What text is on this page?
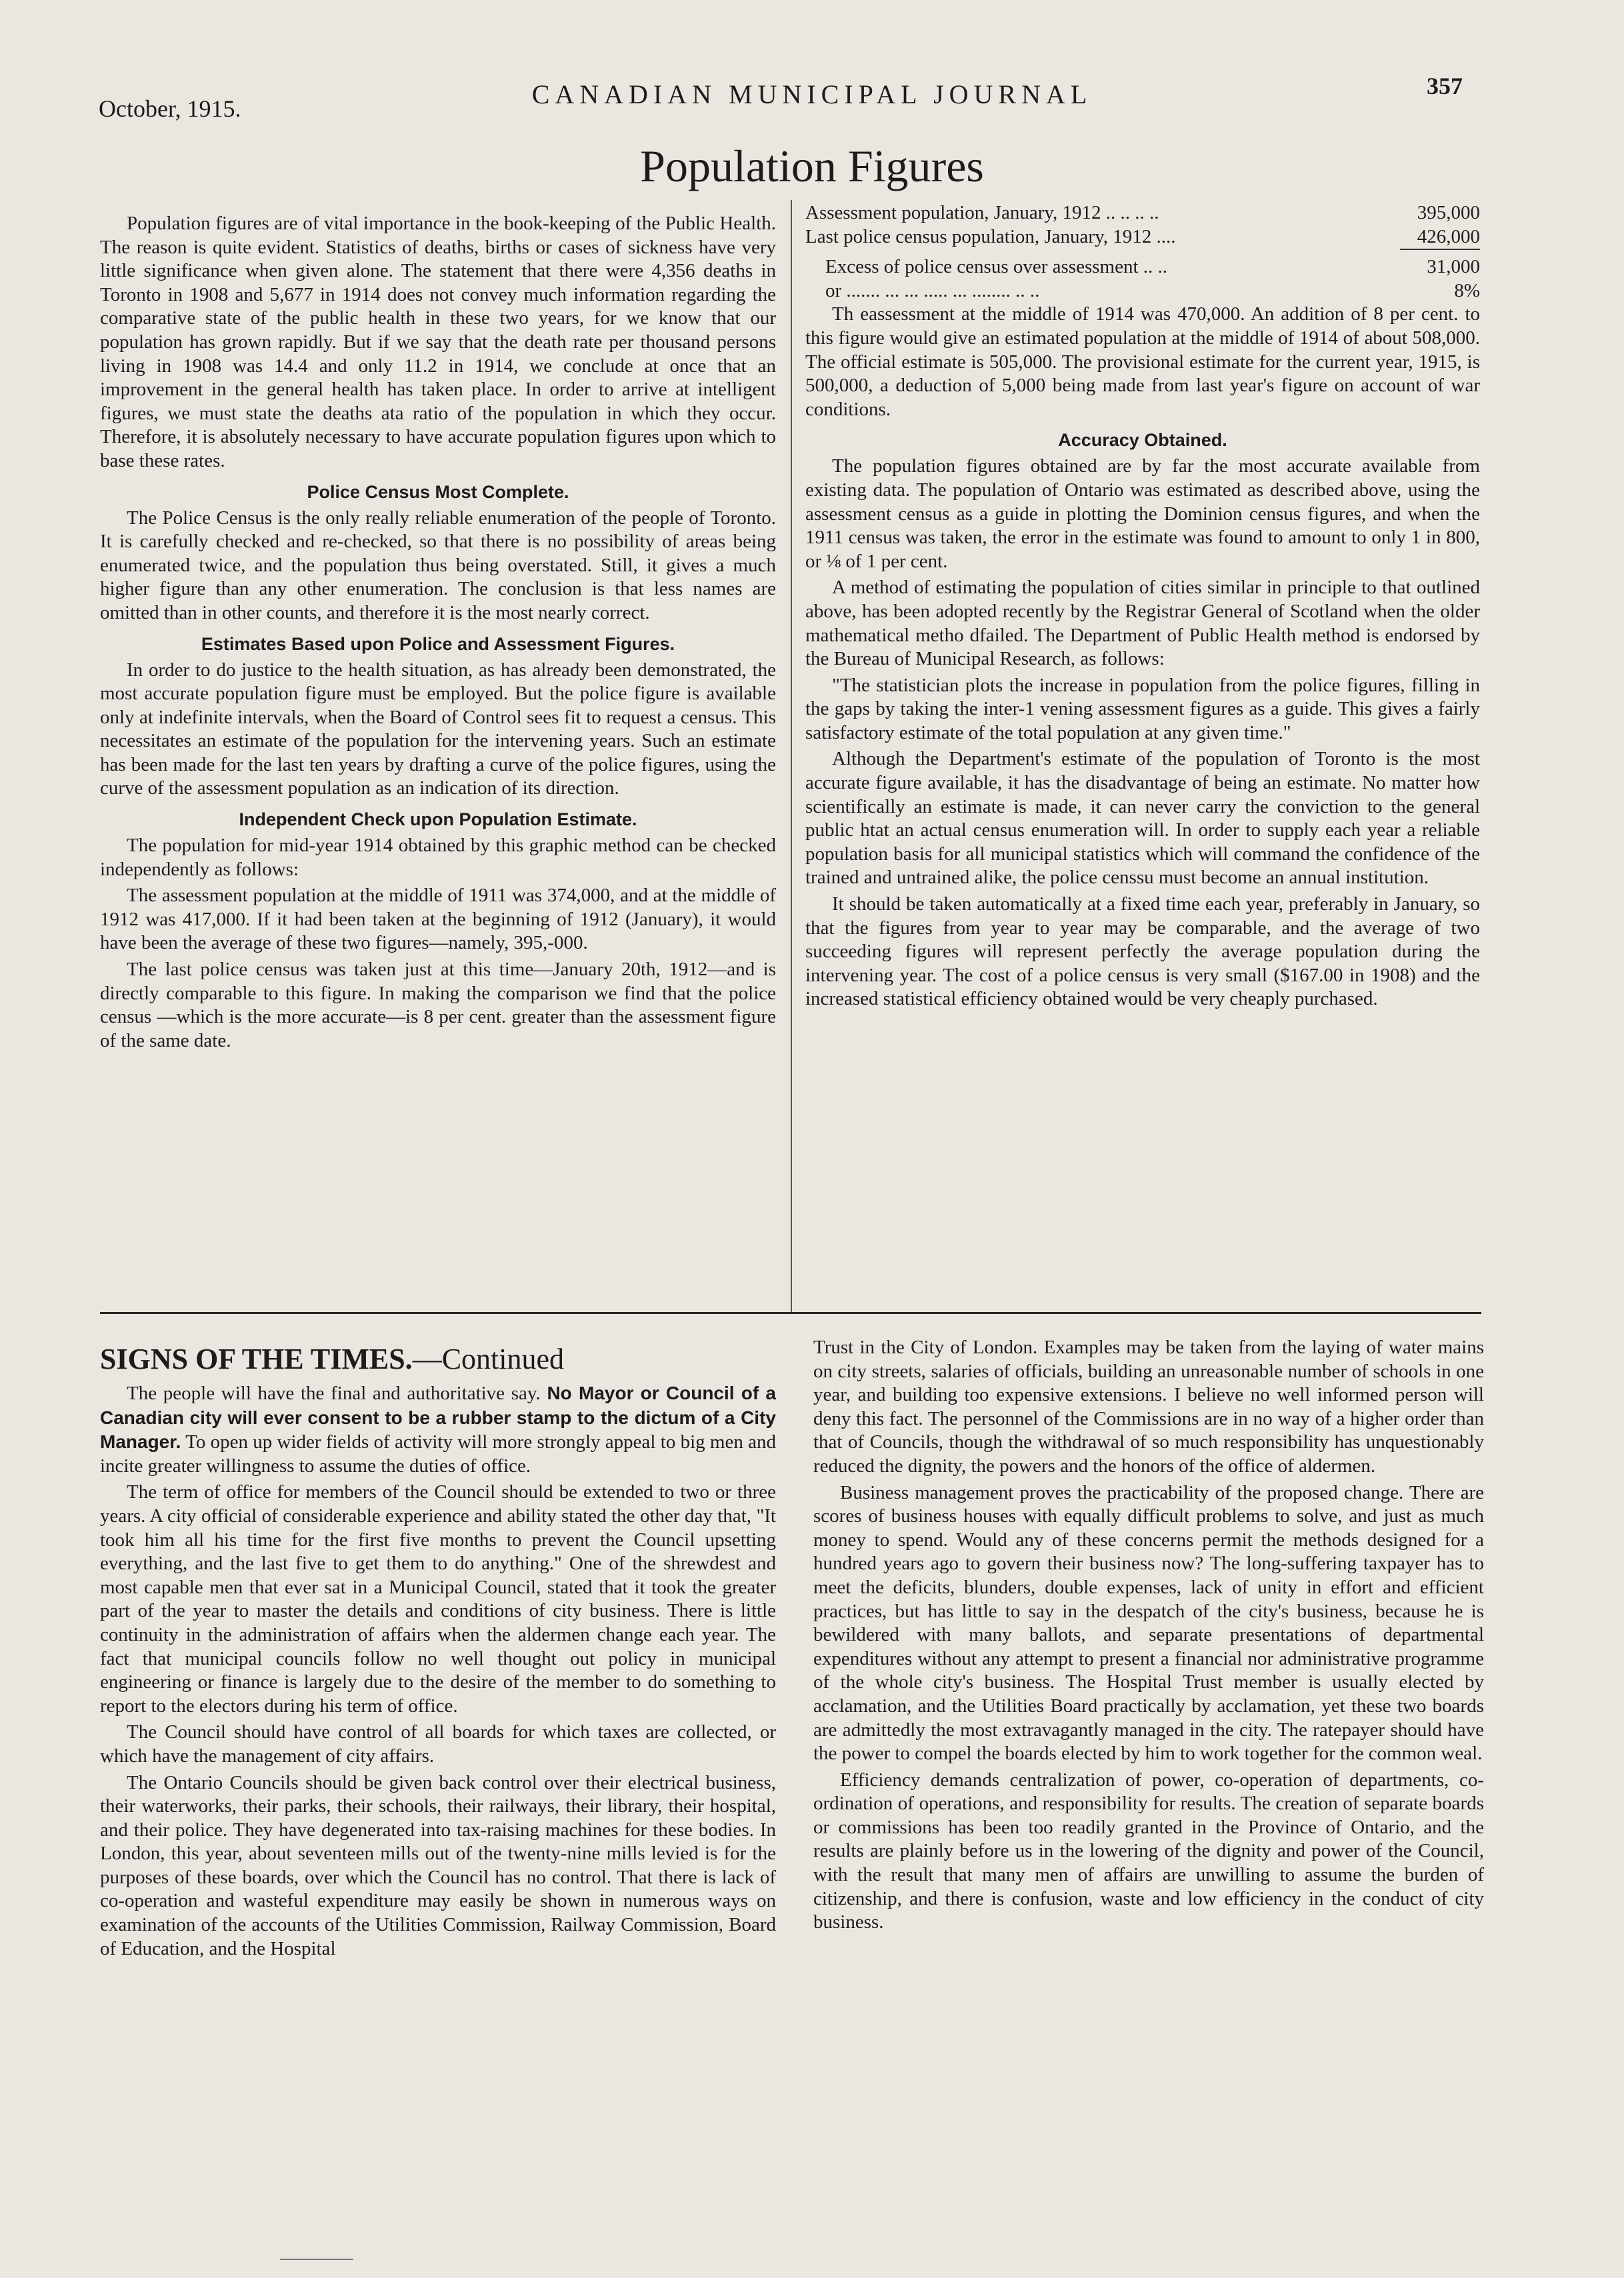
October, 1915.	CANADIAN MUNICIPAL JOURNAL	357
Population Figures

Population figures are of vital importance in the book-keeping of the Public Health. The reason is quite evident. Statistics of deaths, births or cases of sickness have very little significance when given alone. The statement that there were 4,356 deaths in Toronto in 1908 and 5,677 in 1914 does not convey much information regarding the comparative state of the public health in these two years, for we know that our population has grown rapidly. But if we say that the death rate per thousand persons living in 1908 was 14.4 and only 11.2 in 1914, we conclude at once that an improvement in the general health has taken place. In order to arrive at intelligent figures, we must state the deaths ata ratio of the population in which they occur. Therefore, it is absolutely necessary to have accurate population figures upon which to base these rates.

Police Census Most Complete.

The Police Census is the only really reliable enumeration of the people of Toronto. It is carefully checked and re-checked, so that there is no possibility of areas being enumerated twice, and the population thus being overstated. Still, it gives a much higher figure than any other enumeration. The conclusion is that less names are omitted than in other counts, and therefore it is the most nearly correct.

Estimates Based upon Police and Assessment Figures.

In order to do justice to the health situation, as has already been demonstrated, the most accurate population figure must be employed. But the police figure is available only at indefinite intervals, when the Board of Control sees fit to request a census. This necessitates an estimate of the population for the intervening years. Such an estimate has been made for the last ten years by drafting a curve of the police figures, using the curve of the assessment population as an indication of its direction.

Independent Check upon Population Estimate.

The population for mid-year 1914 obtained by this graphic method can be checked independently as follows:

The assessment population at the middle of 1911 was 374,000, and at the middle of 1912 was 417,000. If it had been taken at the beginning of 1912 (January), it would have been the average of these two figures—namely, 395,-000.

The last police census was taken just at this time—January 20th, 1912—and is directly comparable to this figure. In making the comparison we find that the police census —which is the more accurate—is 8 per cent. greater than the assessment figure of the same date.

Assessment population, January, 1912 .. .. .. ..	395,000
Last police census population, January, 1912 ....	426,000
Excess of police census over assessment .. ..	31,000
or ....... ... ... ..... ... ........ .. ..	8%

Th eassessment at the middle of 1914 was 470,000. An addition of 8 per cent. to this figure would give an estimated population at the middle of 1914 of about 508,000. The official estimate is 505,000. The provisional estimate for the current year, 1915, is 500,000, a deduction of 5,000 being made from last year's figure on account of war conditions.

Accuracy Obtained.

The population figures obtained are by far the most accurate available from existing data. The population of Ontario was estimated as described above, using the assessment census as a guide in plotting the Dominion census figures, and when the 1911 census was taken, the error in the estimate was found to amount to only 1 in 800, or ⅛ of 1 per cent.

A method of estimating the population of cities similar in principle to that outlined above, has been adopted recently by the Registrar General of Scotland when the older mathematical metho dfailed. The Department of Public Health method is endorsed by the Bureau of Municipal Research, as follows:

"The statistician plots the increase in population from the police figures, filling in the gaps by taking the inter-1 vening assessment figures as a guide. This gives a fairly satisfactory estimate of the total population at any given time."

Although the Department's estimate of the population of Toronto is the most accurate figure available, it has the disadvantage of being an estimate. No matter how scientifically an estimate is made, it can never carry the conviction to the general public htat an actual census enumeration will. In order to supply each year a reliable population basis for all municipal statistics which will command the confidence of the trained and untrained alike, the police censsu must become an annual institution.

It should be taken automatically at a fixed time each year, preferably in January, so that the figures from year to year may be comparable, and the average of two succeeding figures will represent perfectly the average population during the intervening year. The cost of a police census is very small ($167.00 in 1908) and the increased statistical efficiency obtained would be very cheaply purchased.

SIGNS OF THE TIMES.—Continued

The people will have the final and authoritative say. No Mayor or Council of a Canadian city will ever consent to be a rubber stamp to the dictum of a City Manager. To open up wider fields of activity will more strongly appeal to big men and incite greater willingness to assume the duties of office.

The term of office for members of the Council should be extended to two or three years. A city official of considerable experience and ability stated the other day that, "It took him all his time for the first five months to prevent the Council upsetting everything, and the last five to get them to do anything." One of the shrewdest and most capable men that ever sat in a Municipal Council, stated that it took the greater part of the year to master the details and conditions of city business. There is little continuity in the administration of affairs when the aldermen change each year. The fact that municipal councils follow no well thought out policy in municipal engineering or finance is largely due to the desire of the member to do something to report to the electors during his term of office.

The Council should have control of all boards for which taxes are collected, or which have the management of city affairs.

The Ontario Councils should be given back control over their electrical business, their waterworks, their parks, their schools, their railways, their library, their hospital, and their police. They have degenerated into tax-raising machines for these bodies. In London, this year, about seventeen mills out of the twenty-nine mills levied is for the purposes of these boards, over which the Council has no control. That there is lack of co-operation and wasteful expenditure may easily be shown in numerous ways on examination of the accounts of the Utilities Commission, Railway Commission, Board of Education, and the Hospital

Trust in the City of London. Examples may be taken from the laying of water mains on city streets, salaries of officials, building an unreasonable number of schools in one year, and building too expensive extensions. I believe no well informed person will deny this fact. The personnel of the Commissions are in no way of a higher order than that of Councils, though the withdrawal of so much responsibility has unquestionably reduced the dignity, the powers and the honors of the office of aldermen.

Business management proves the practicability of the proposed change. There are scores of business houses with equally difficult problems to solve, and just as much money to spend. Would any of these concerns permit the methods designed for a hundred years ago to govern their business now? The long-suffering taxpayer has to meet the deficits, blunders, double expenses, lack of unity in effort and efficient practices, but has little to say in the despatch of the city's business, because he is bewildered with many ballots, and separate presentations of departmental expenditures without any attempt to present a financial nor administrative programme of the whole city's business. The Hospital Trust member is usually elected by acclamation, and the Utilities Board practically by acclamation, yet these two boards are admittedly the most extravagantly managed in the city. The ratepayer should have the power to compel the boards elected by him to work together for the common weal.

Efficiency demands centralization of power, co-operation of departments, co-ordination of operations, and responsibility for results. The creation of separate boards or commissions has been too readily granted in the Province of Ontario, and the results are plainly before us in the lowering of the dignity and power of the Council, with the result that many men of affairs are unwilling to assume the burden of citizenship, and there is confusion, waste and low efficiency in the conduct of city business.
